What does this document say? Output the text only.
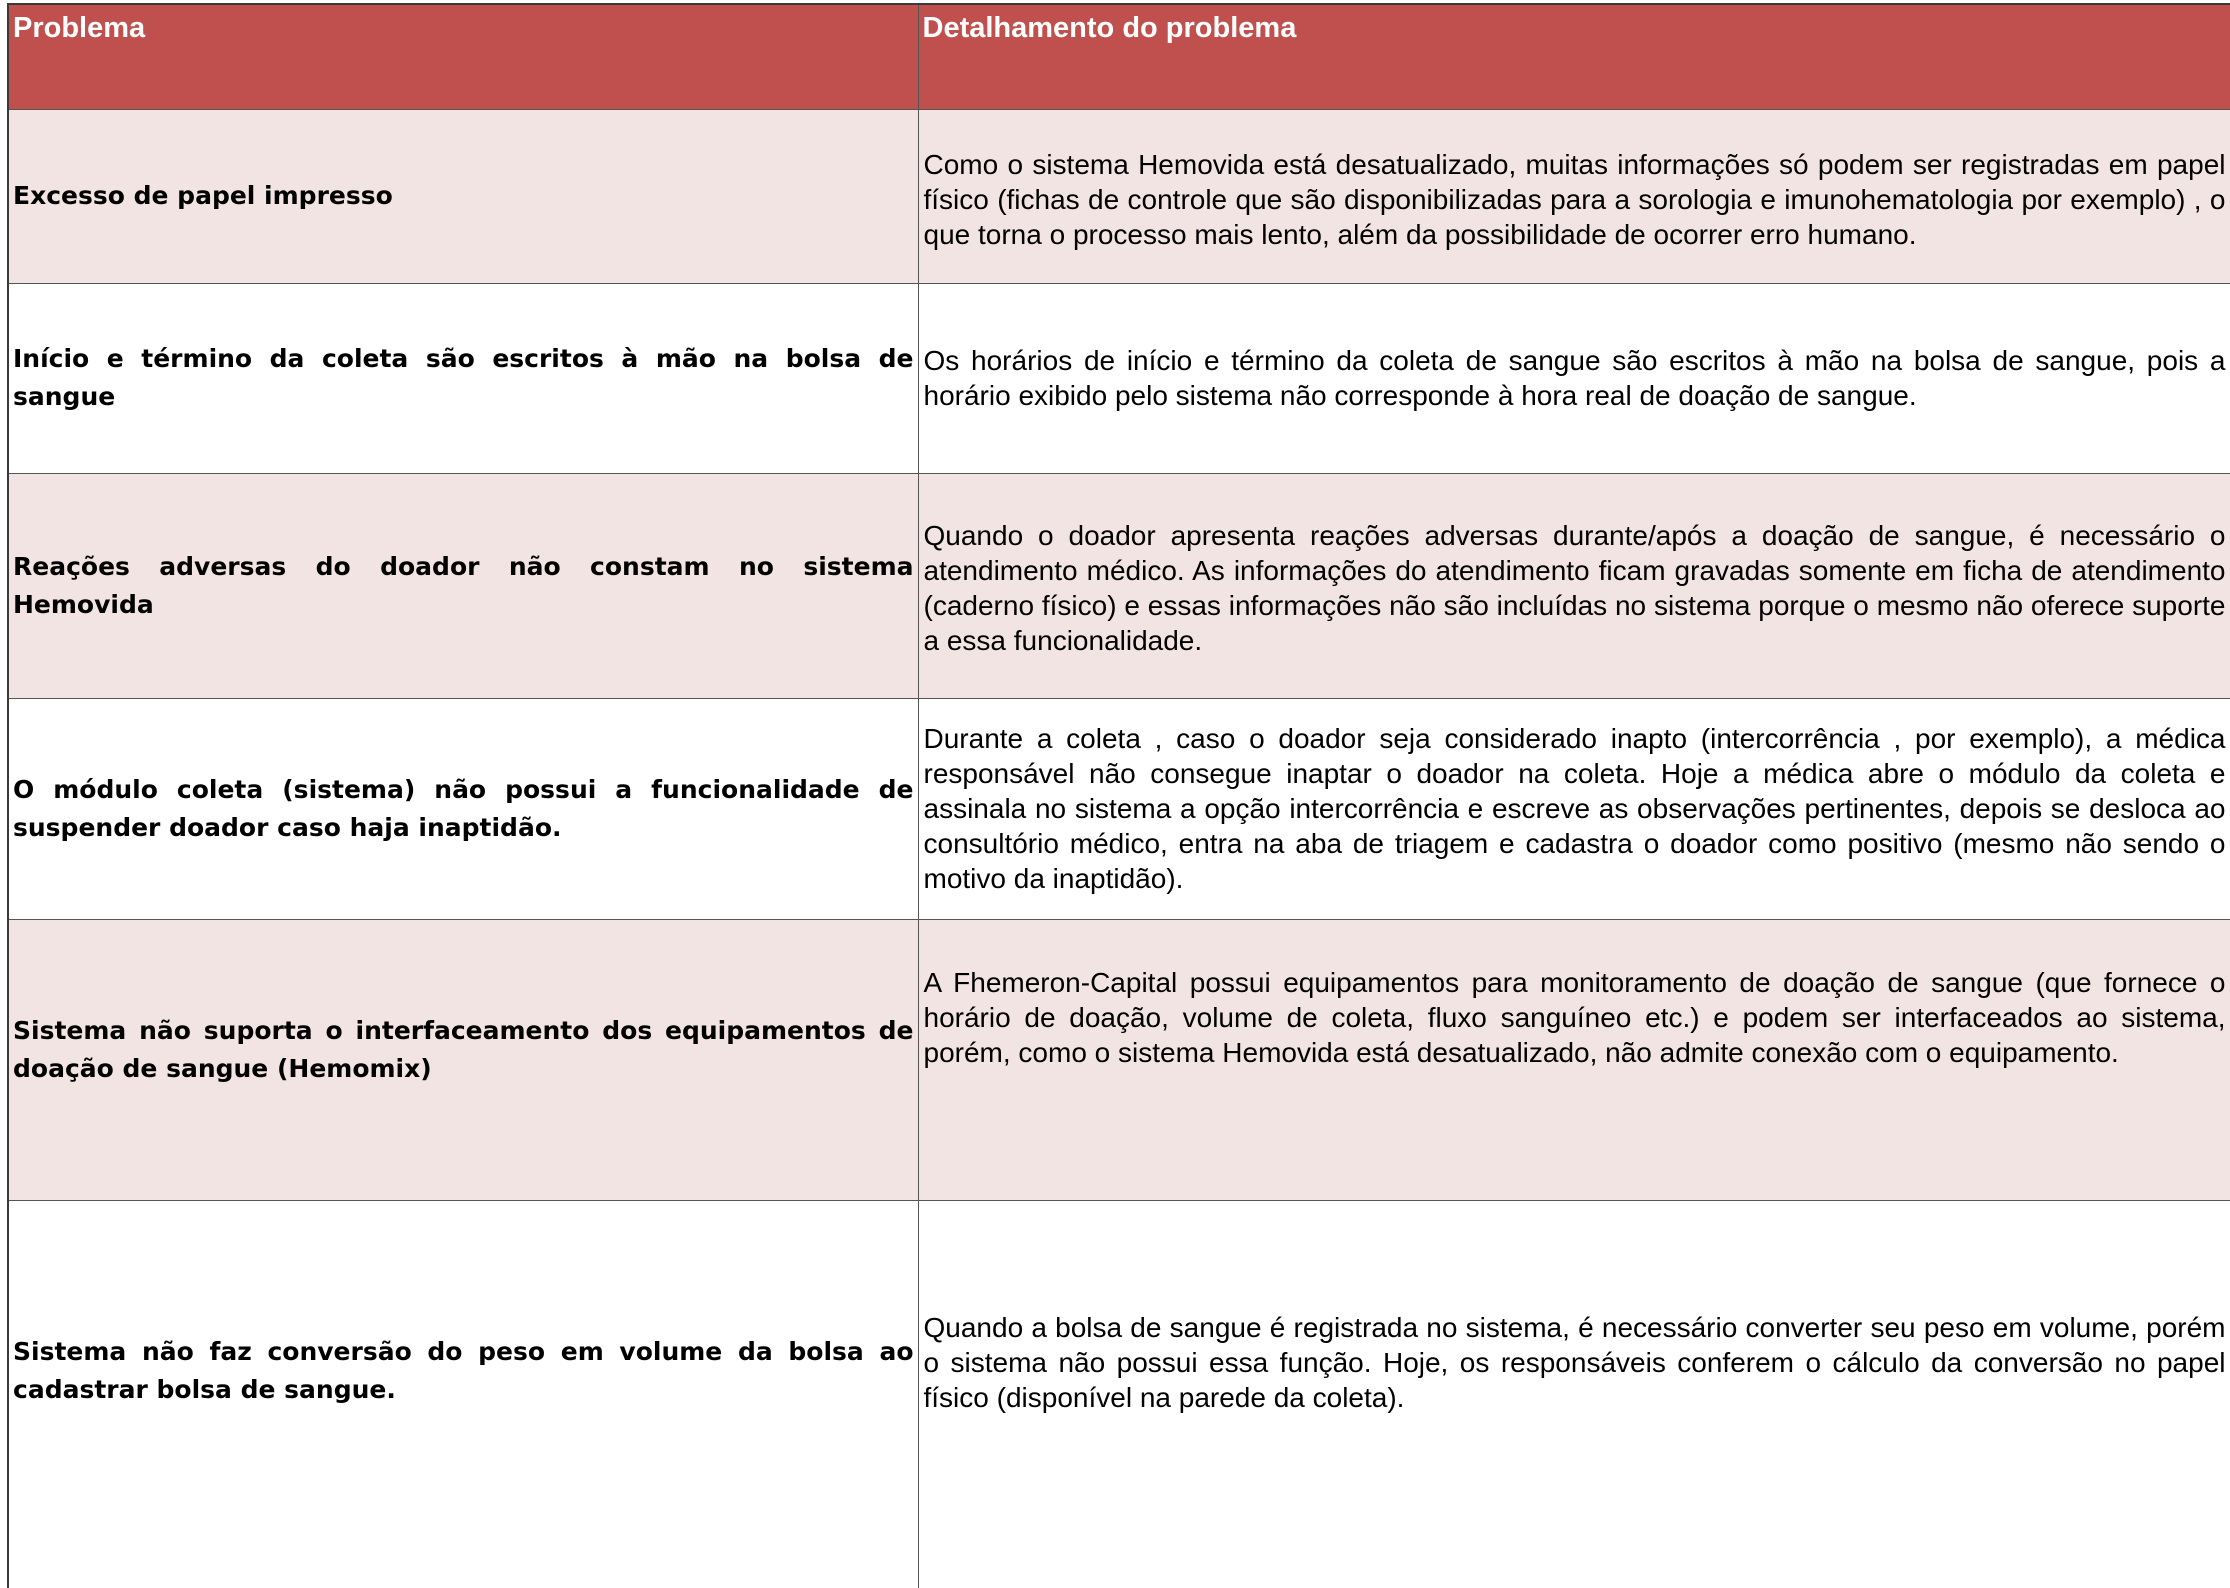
Problema	Detalhamento do problema
Excesso de papel impresso	Como o sistema Hemovida está desatualizado, muitas informações só podem ser registradas em papel físico (fichas de controle que são disponibilizadas para a sorologia e imunohematologia por exemplo) , o que torna o processo mais lento, além da possibilidade de ocorrer erro humano.
Início e término da coleta são escritos à mão na bolsa de sangue	Os horários de início e término da coleta de sangue são escritos à mão na bolsa de sangue, pois a horário exibido pelo sistema não corresponde à hora real de doação de sangue.
Reações adversas do doador não constam no sistema Hemovida	Quando o doador apresenta reações adversas durante/após a doação de sangue, é necessário o atendimento médico. As informações do atendimento ficam gravadas somente em ficha de atendimento (caderno físico) e essas informações não são incluídas no sistema porque o mesmo não oferece suporte a essa funcionalidade.
O módulo coleta (sistema) não possui a funcionalidade de suspender doador caso haja inaptidão.	Durante a coleta , caso o doador seja considerado inapto (intercorrência , por exemplo), a médica responsável não consegue inaptar o doador na coleta. Hoje a médica abre o módulo da coleta e assinala no sistema a opção intercorrência e escreve as observações pertinentes, depois se desloca ao consultório médico, entra na aba de triagem e cadastra o doador como positivo (mesmo não sendo o motivo da inaptidão).
Sistema não suporta o interfaceamento dos equipamentos de doação de sangue (Hemomix)	A Fhemeron-Capital possui equipamentos para monitoramento de doação de sangue (que fornece o horário de doação, volume de coleta, fluxo sanguíneo etc.) e podem ser interfaceados ao sistema, porém, como o sistema Hemovida está desatualizado, não admite conexão com o equipamento.
Sistema não faz conversão do peso em volume da bolsa ao cadastrar bolsa de sangue.	Quando a bolsa de sangue é registrada no sistema, é necessário converter seu peso em volume, porém o sistema não possui essa função. Hoje, os responsáveis conferem o cálculo da conversão no papel físico (disponível na parede da coleta).
